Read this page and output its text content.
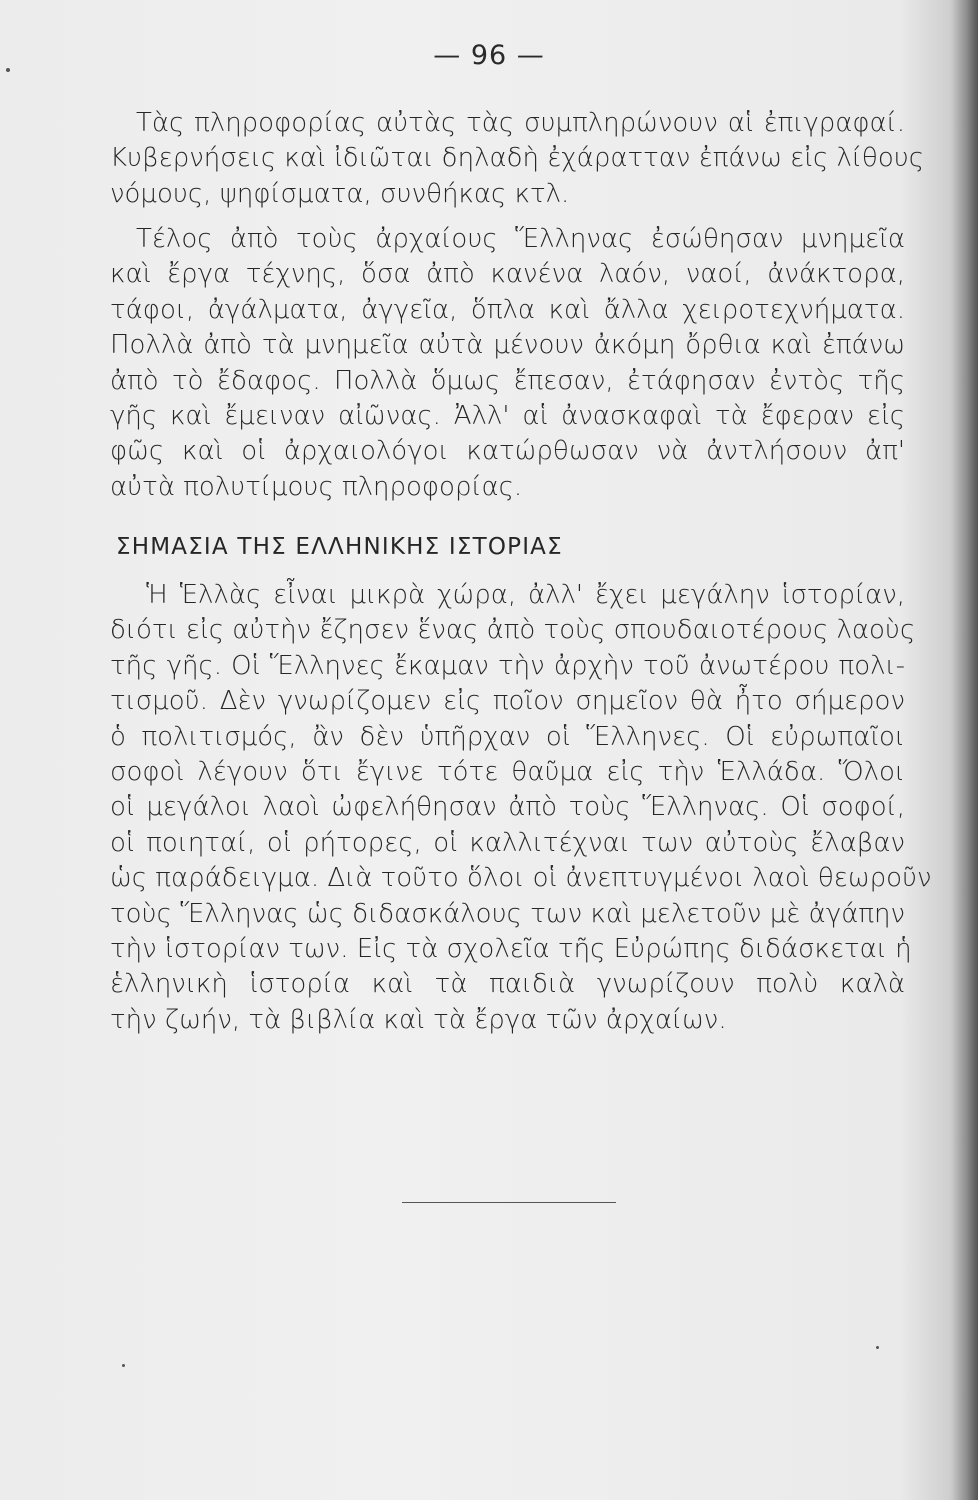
— 96 —
Τὰς πληροφορίας αὐτὰς τὰς συμπληρώνουν αἱ ἐπιγραφαί.
Κυβερνήσεις καὶ ἰδιῶται δηλαδὴ ἐχάρατταν ἐπάνω εἰς λίθους
νόμους, ψηφίσματα, συνθήκας κτλ.
Τέλος ἀπὸ τοὺς ἀρχαίους Ἕλληνας ἐσώθησαν μνημεῖα
καὶ ἔργα τέχνης, ὅσα ἀπὸ κανένα λαόν, ναοί, ἀνάκτορα,
τάφοι, ἀγάλματα, ἀγγεῖα, ὅπλα καὶ ἄλλα χειροτεχνήματα.
Πολλὰ ἀπὸ τὰ μνημεῖα αὐτὰ μένουν ἀκόμη ὄρθια καὶ ἐπάνω
ἀπὸ τὸ ἔδαφος. Πολλὰ ὅμως ἔπεσαν, ἐτάφησαν ἐντὸς τῆς
γῆς καὶ ἔμειναν αἰῶνας. Ἀλλ' αἱ ἀνασκαφαὶ τὰ ἔφεραν εἰς
φῶς καὶ οἱ ἀρχαιολόγοι κατώρθωσαν νὰ ἀντλήσουν ἀπ'
αὐτὰ πολυτίμους πληροφορίας.
ΣΗΜΑΣΙΑ ΤΗΣ ΕΛΛΗΝΙΚΗΣ ΙΣΤΟΡΙΑΣ
Ἡ Ἑλλὰς εἶναι μικρὰ χώρα, ἀλλ' ἔχει μεγάλην ἱστορίαν,
διότι εἰς αὐτὴν ἔζησεν ἕνας ἀπὸ τοὺς σπουδαιοτέρους λαοὺς
τῆς γῆς. Οἱ Ἕλληνες ἔκαμαν τὴν ἀρχὴν τοῦ ἀνωτέρου πολι-
τισμοῦ. Δὲν γνωρίζομεν εἰς ποῖον σημεῖον θὰ ἦτο σήμερον
ὁ πολιτισμός, ἂν δὲν ὑπῆρχαν οἱ Ἕλληνες. Οἱ εὐρωπαῖοι
σοφοὶ λέγουν ὅτι ἔγινε τότε θαῦμα εἰς τὴν Ἑλλάδα. Ὅλοι
οἱ μεγάλοι λαοὶ ὠφελήθησαν ἀπὸ τοὺς Ἕλληνας. Οἱ σοφοί,
οἱ ποιηταί, οἱ ρήτορες, οἱ καλλιτέχναι των αὐτοὺς ἔλαβαν
ὡς παράδειγμα. Διὰ τοῦτο ὅλοι οἱ ἀνεπτυγμένοι λαοὶ θεωροῦν
τοὺς Ἕλληνας ὡς διδασκάλους των καὶ μελετοῦν μὲ ἀγάπην
τὴν ἱστορίαν των. Εἰς τὰ σχολεῖα τῆς Εὐρώπης διδάσκεται ἡ
ἑλληνικὴ ἱστορία καὶ τὰ παιδιὰ γνωρίζουν πολὺ καλὰ
τὴν ζωήν, τὰ βιβλία καὶ τὰ ἔργα τῶν ἀρχαίων.
